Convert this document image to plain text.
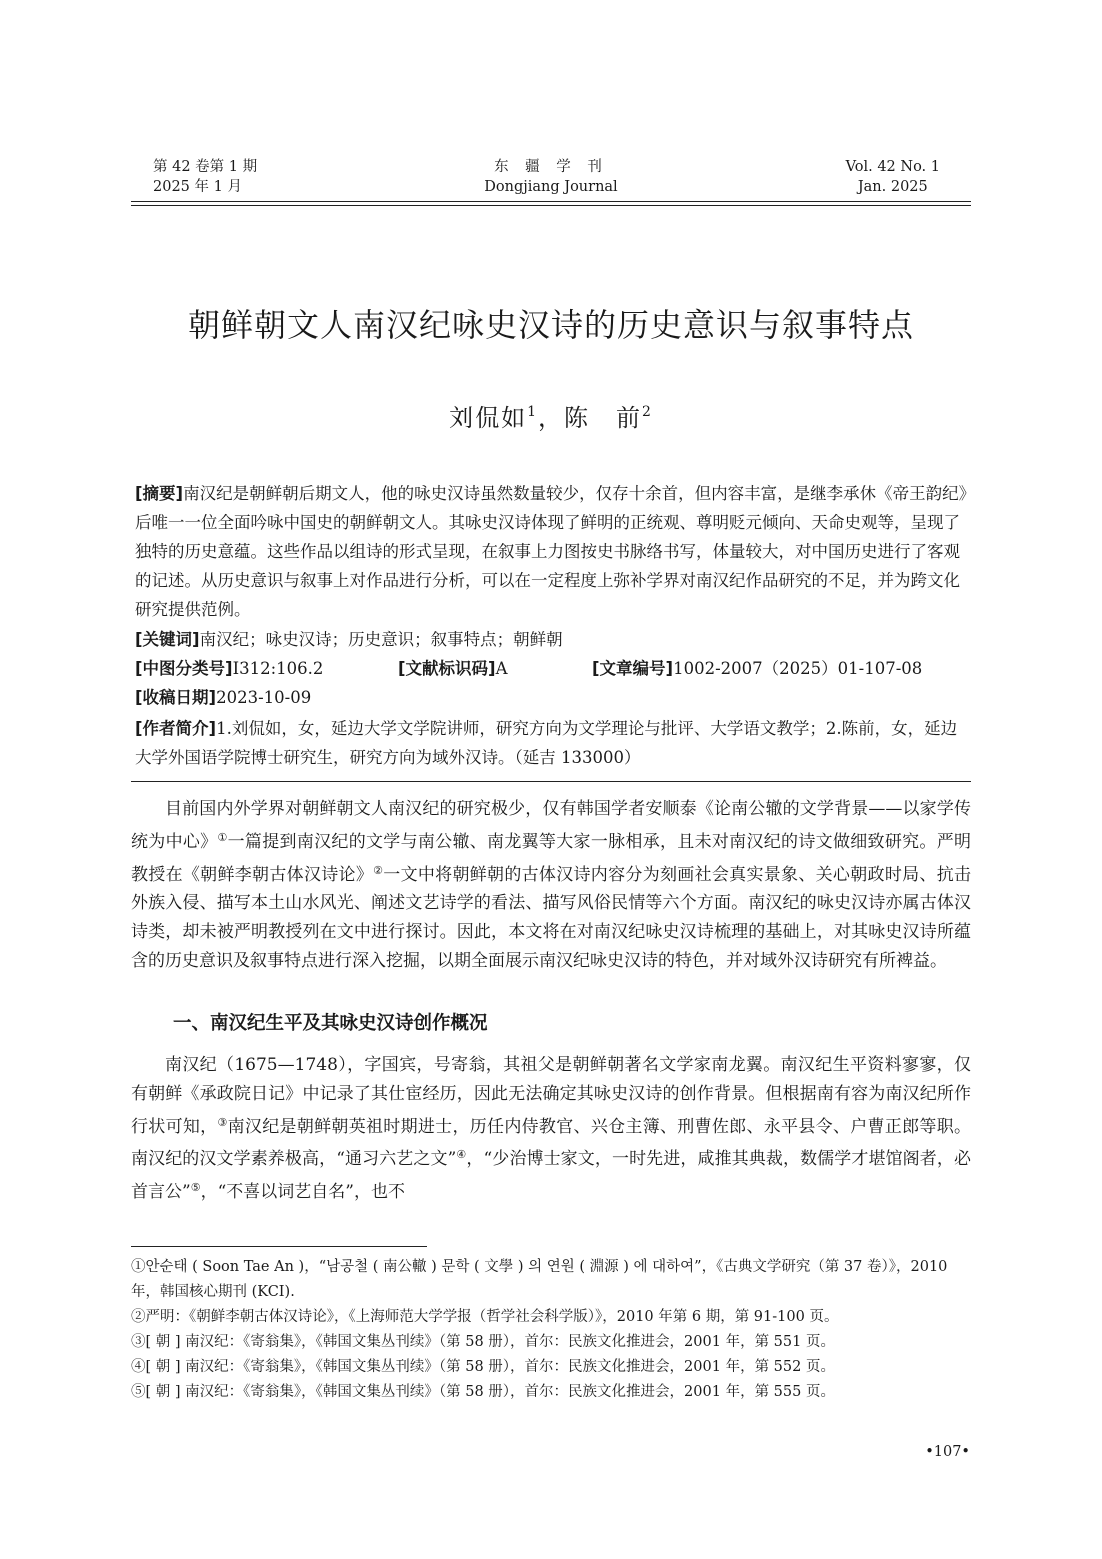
第 42 卷第 1 期
2025 年 1 月
东 疆 学 刊
Dongjiang Journal
Vol. 42 No. 1
Jan. 2025
朝鲜朝文人南汉纪咏史汉诗的历史意识与叙事特点
刘侃如$^1$，陈　前$^2$

[摘要]南汉纪是朝鲜朝后期文人，他的咏史汉诗虽然数量较少，仅存十余首，但内容丰富，是继李承休《帝王韵纪》后唯一一位全面吟咏中国史的朝鲜朝文人。其咏史汉诗体现了鲜明的正统观、尊明贬元倾向、天命史观等，呈现了独特的历史意蕴。这些作品以组诗的形式呈现，在叙事上力图按史书脉络书写，体量较大，对中国历史进行了客观的记述。从历史意识与叙事上对作品进行分析，可以在一定程度上弥补学界对南汉纪作品研究的不足，并为跨文化研究提供范例。

[关键词]南汉纪；咏史汉诗；历史意识；叙事特点；朝鲜朝

[中图分类号]I312:106.2	[文献标识码]A	[文章编号]1002-2007（2025）01-107-08

[收稿日期]2023-10-09

[作者简介]1.刘侃如，女，延边大学文学院讲师，研究方向为文学理论与批评、大学语文教学；2.陈前，女，延边大学外国语学院博士研究生，研究方向为域外汉诗。（延吉 133000）

目前国内外学界对朝鲜朝文人南汉纪的研究极少，仅有韩国学者安顺泰《论南公辙的文学背景——以家学传统为中心》①一篇提到南汉纪的文学与南公辙、南龙翼等大家一脉相承，且未对南汉纪的诗文做细致研究。严明教授在《朝鲜李朝古体汉诗论》②一文中将朝鲜朝的古体汉诗内容分为刻画社会真实景象、关心朝政时局、抗击外族入侵、描写本土山水风光、阐述文艺诗学的看法、描写风俗民情等六个方面。南汉纪的咏史汉诗亦属古体汉诗类，却未被严明教授列在文中进行探讨。因此，本文将在对南汉纪咏史汉诗梳理的基础上，对其咏史汉诗所蕴含的历史意识及叙事特点进行深入挖掘，以期全面展示南汉纪咏史汉诗的特色，并对域外汉诗研究有所裨益。

一、南汉纪生平及其咏史汉诗创作概况

南汉纪（1675—1748），字国宾，号寄翁，其祖父是朝鲜朝著名文学家南龙翼。南汉纪生平资料寥寥，仅有朝鲜《承政院日记》中记录了其仕宦经历，因此无法确定其咏史汉诗的创作背景。但根据南有容为南汉纪所作行状可知，③南汉纪是朝鲜朝英祖时期进士，历任内侍教官、兴仓主簿、刑曹佐郎、永平县令、户曹正郎等职。南汉纪的汉文学素养极高，“通习六艺之文”④，“少治博士家文，一时先进，咸推其典裁，数儒学才堪馆阁者，必首言公”⑤，“不喜以词艺自名”，也不

①안순태 ( Soon Tae An )，“남공철 ( 南公轍 ) 문학 ( 文學 ) 의 연원 ( 淵源 ) 에 대하여”，《古典文学研究（第 37 卷）》，2010 年，韩国核心期刊 (KCI).

②严明：《朝鲜李朝古体汉诗论》，《上海师范大学学报（哲学社会科学版）》，2010 年第 6 期，第 91-100 页。

③[ 朝 ] 南汉纪：《寄翁集》，《韩国文集丛刊续》（第 58 册），首尔：民族文化推进会，2001 年，第 551 页。

④[ 朝 ] 南汉纪：《寄翁集》，《韩国文集丛刊续》（第 58 册），首尔：民族文化推进会，2001 年，第 552 页。

⑤[ 朝 ] 南汉纪：《寄翁集》，《韩国文集丛刊续》（第 58 册），首尔：民族文化推进会，2001 年，第 555 页。

•107•
